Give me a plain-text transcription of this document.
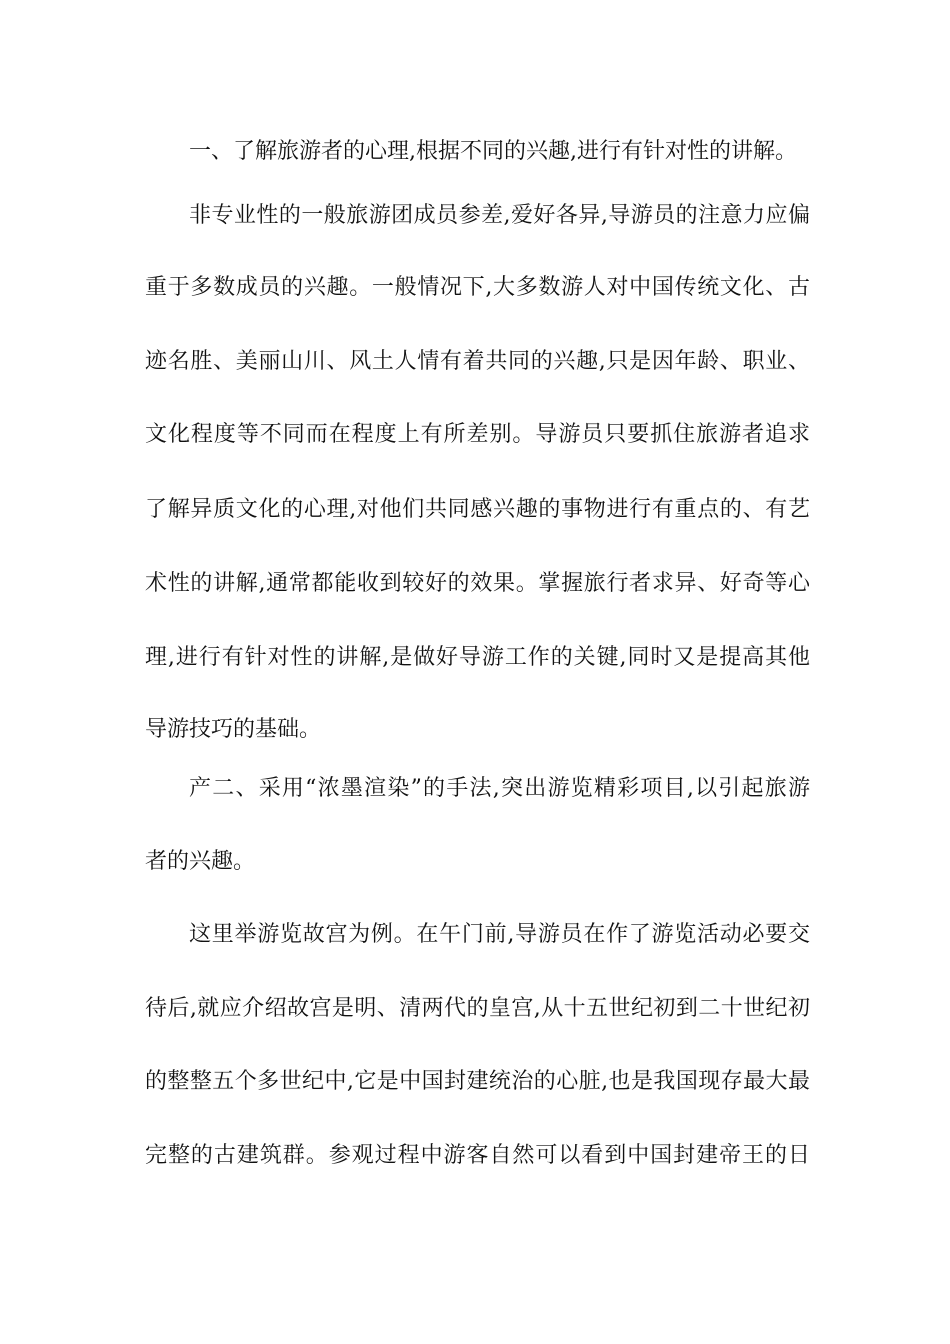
一、了解旅游者的心理,根据不同的兴趣,进行有针对性的讲解。
非专业性的一般旅游团成员参差,爱好各异,导游员的注意力应偏
重于多数成员的兴趣。一般情况下,大多数游人对中国传统文化、古
迹名胜、美丽山川、风土人情有着共同的兴趣,只是因年龄、职业、
文化程度等不同而在程度上有所差别。导游员只要抓住旅游者追求
了解异质文化的心理,对他们共同感兴趣的事物进行有重点的、有艺
术性的讲解,通常都能收到较好的效果。掌握旅行者求异、好奇等心
理,进行有针对性的讲解,是做好导游工作的关键,同时又是提高其他
导游技巧的基础。
产二、采用“浓墨渲染”的手法,突出游览精彩项目,以引起旅游
者的兴趣。
这里举游览故宫为例。在午门前,导游员在作了游览活动必要交
待后,就应介绍故宫是明、清两代的皇宫,从十五世纪初到二十世纪初
的整整五个多世纪中,它是中国封建统治的心脏,也是我国现存最大最
完整的古建筑群。参观过程中游客自然可以看到中国封建帝王的日
